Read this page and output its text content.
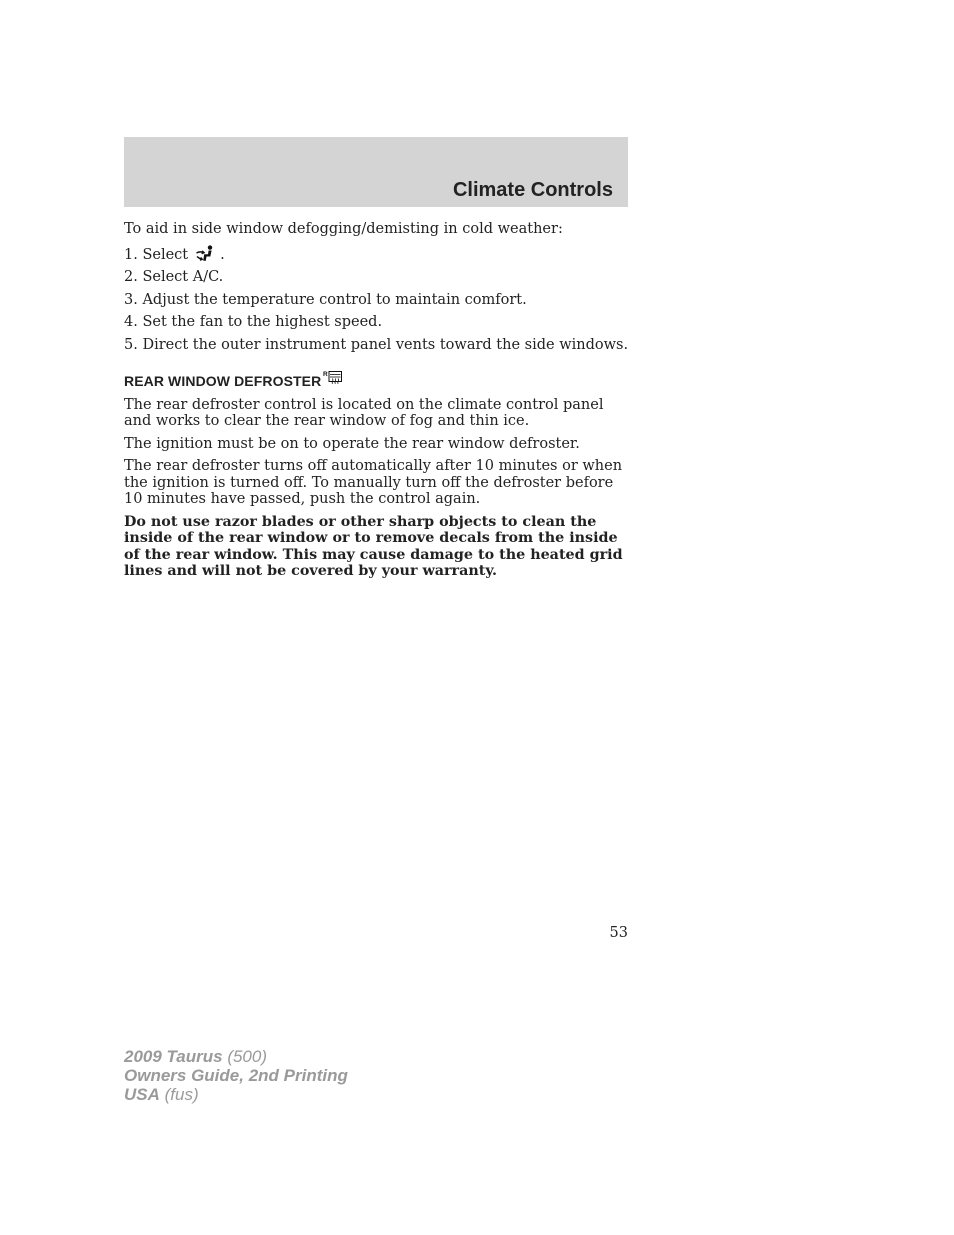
Climate Controls

To aid in side window defogging/demisting in cold weather:

1. Select .

2. Select A/C.

3. Adjust the temperature control to maintain comfort.

4. Set the fan to the highest speed.

5. Direct the outer instrument panel vents toward the side windows.

REAR WINDOW DEFROSTER R

The rear defroster control is located on the climate control panel and works to clear the rear window of fog and thin ice.

The ignition must be on to operate the rear window defroster.

The rear defroster turns off automatically after 10 minutes or when the ignition is turned off. To manually turn off the defroster before 10 minutes have passed, push the control again.

Do not use razor blades or other sharp objects to clean the inside of the rear window or to remove decals from the inside of the rear window. This may cause damage to the heated grid lines and will not be covered by your warranty.

53
2009 Taurus (500)
Owners Guide, 2nd Printing
USA (fus)
